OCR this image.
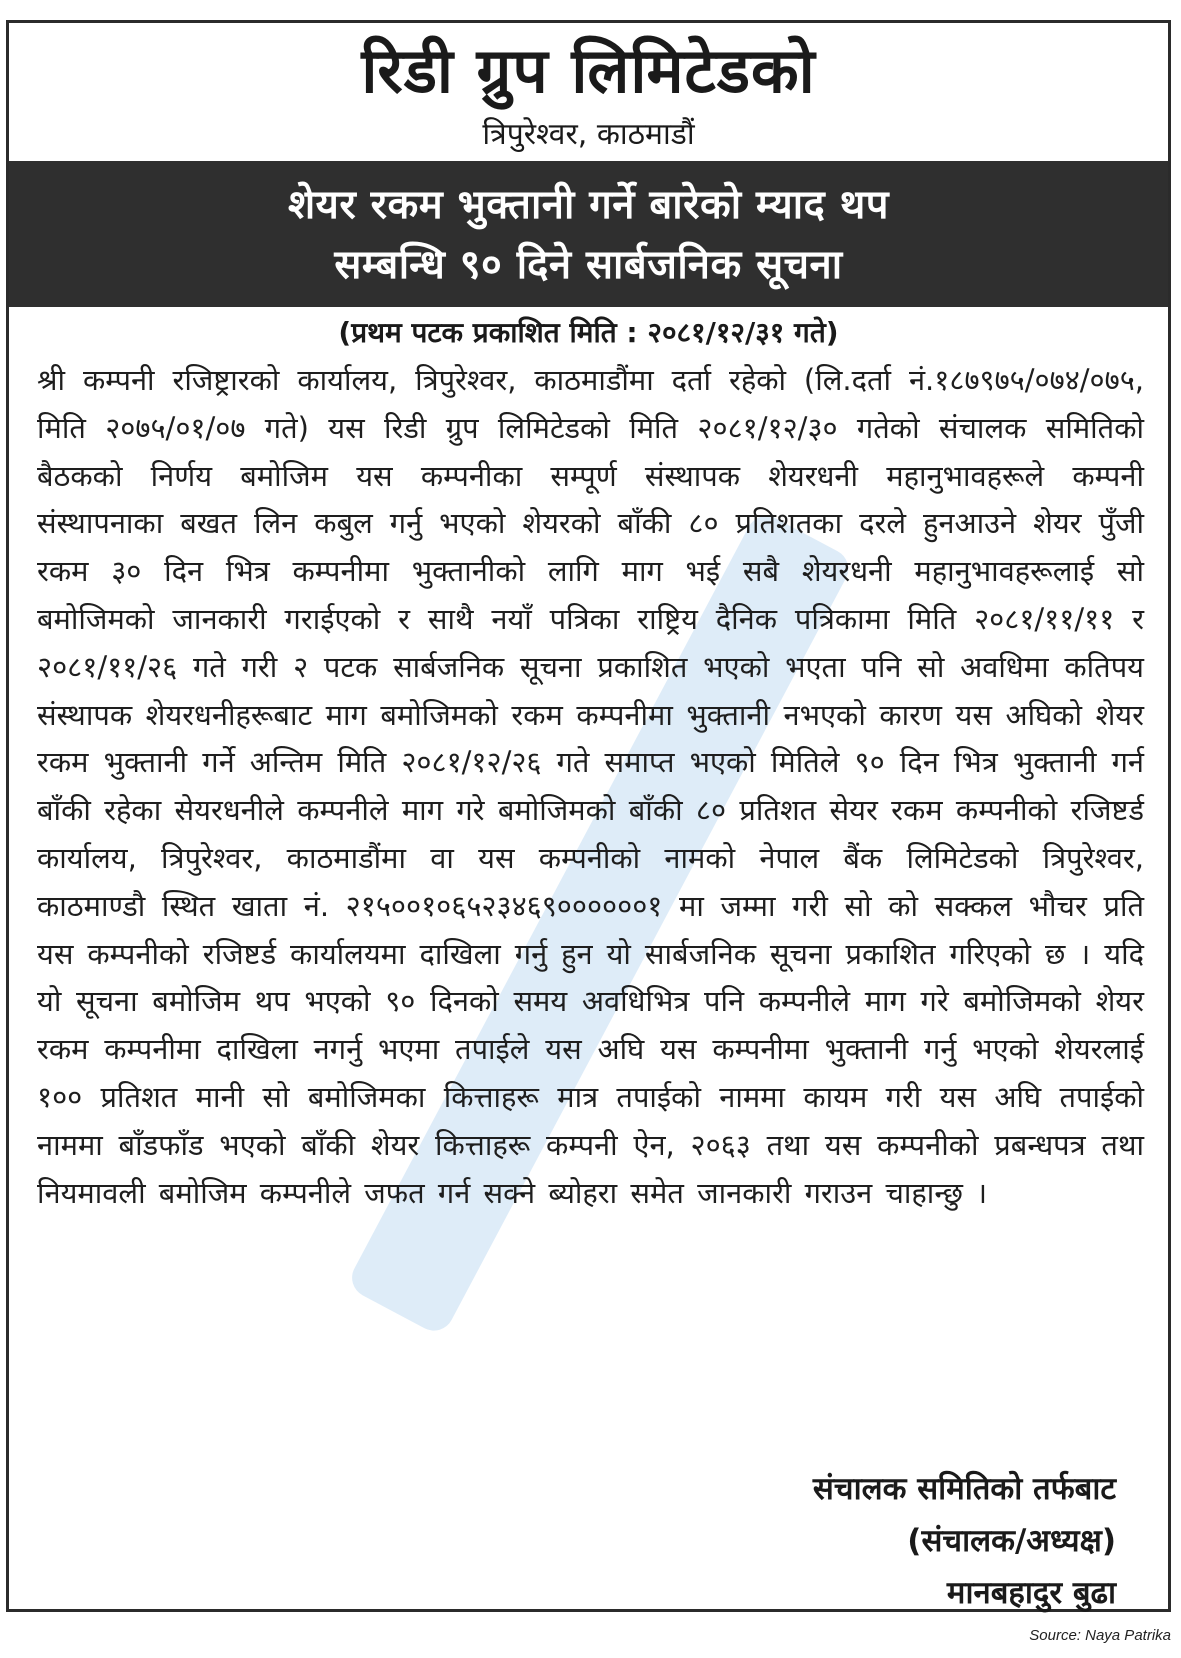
रिडी ग्रुप लिमिटेडको
त्रिपुरेश्वर, काठमाडौं
शेयर रकम भुक्तानी गर्ने बारेको म्याद थप
सम्बन्धि ९० दिने सार्बजनिक सूचना
(प्रथम पटक प्रकाशित मिति : २०८१/१२/३१ गते)
श्री कम्पनी रजिष्ट्रारको कार्यालय, त्रिपुरेश्वर, काठमाडौंमा दर्ता रहेको (लि.दर्ता नं.१८७९७५/०७४/०७५, मिति २०७५/०१/०७ गते) यस रिडी ग्रुप लिमिटेडको मिति २०८१/१२/३० गतेको संचालक समितिको बैठकको निर्णय बमोजिम यस कम्पनीका सम्पूर्ण संस्थापक शेयरधनी महानुभावहरूले कम्पनी संस्थापनाका बखत लिन कबुल गर्नु भएको शेयरको बाँकी ८० प्रतिशतका दरले हुनआउने शेयर पुँजी रकम ३० दिन भित्र कम्पनीमा भुक्तानीको लागि माग भई सबै शेयरधनी महानुभावहरूलाई सो बमोजिमको जानकारी गराईएको र साथै नयाँ पत्रिका राष्ट्रिय दैनिक पत्रिकामा मिति २०८१/११/११ र २०८१/११/२६ गते गरी २ पटक सार्बजनिक सूचना प्रकाशित भएको भएता पनि सो अवधिमा कतिपय संस्थापक शेयरधनीहरूबाट माग बमोजिमको रकम कम्पनीमा भुक्तानी नभएको कारण यस अघिको शेयर रकम भुक्तानी गर्ने अन्तिम मिति २०८१/१२/२६ गते समाप्त भएको मितिले ९० दिन भित्र भुक्तानी गर्न बाँकी रहेका सेयरधनीले कम्पनीले माग गरे बमोजिमको बाँकी ८० प्रतिशत सेयर रकम कम्पनीको रजिष्टर्ड कार्यालय, त्रिपुरेश्वर, काठमाडौंमा वा यस कम्पनीको नामको नेपाल बैंक लिमिटेडको त्रिपुरेश्वर, काठमाण्डौ स्थित खाता नं. २१५००१०६५२३४६९००००००१ मा जम्मा गरी सो को सक्कल भौचर प्रति यस कम्पनीको रजिष्टर्ड कार्यालयमा दाखिला गर्नु हुन यो सार्बजनिक सूचना प्रकाशित गरिएको छ । यदि यो सूचना बमोजिम थप भएको ९० दिनको समय अवधिभित्र पनि कम्पनीले माग गरे बमोजिमको शेयर रकम कम्पनीमा दाखिला नगर्नु भएमा तपाईले यस अघि यस कम्पनीमा भुक्तानी गर्नु भएको शेयरलाई १०० प्रतिशत मानी सो बमोजिमका कित्ताहरू मात्र तपाईको नाममा कायम गरी यस अघि तपाईको नाममा बाँडफाँड भएको बाँकी शेयर कित्ताहरू कम्पनी ऐन, २०६३ तथा यस कम्पनीको प्रबन्धपत्र तथा नियमावली बमोजिम कम्पनीले जफत गर्न सक्ने ब्योहरा समेत जानकारी गराउन चाहान्छु ।
संचालक समितिको तर्फबाट
(संचालक/अध्यक्ष)
मानबहादुर बुढा
Source: Naya Patrika
